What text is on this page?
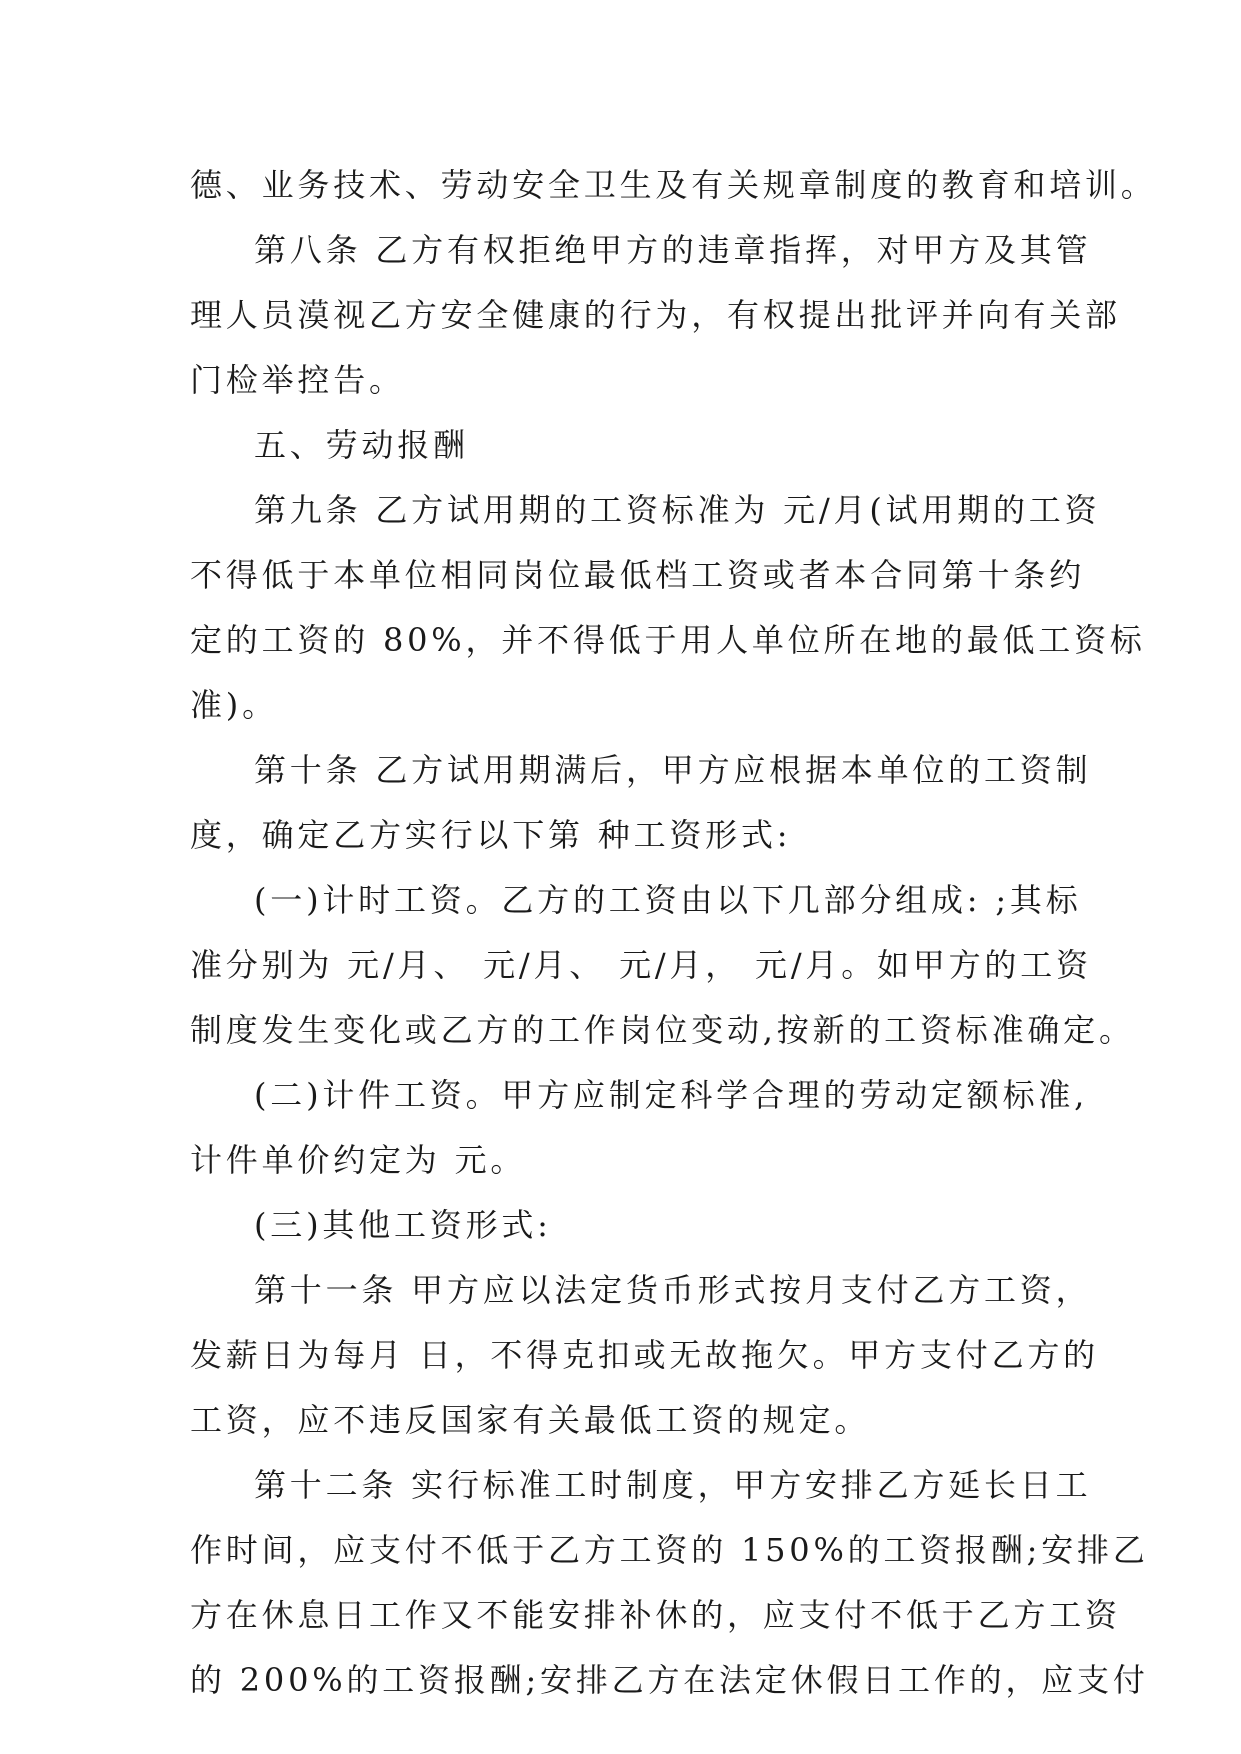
德、业务技术、劳动安全卫生及有关规章制度的教育和培训。
第八条 乙方有权拒绝甲方的违章指挥，对甲方及其管
理人员漠视乙方安全健康的行为，有权提出批评并向有关部
门检举控告。
五、劳动报酬
第九条 乙方试用期的工资标准为 元/月(试用期的工资
不得低于本单位相同岗位最低档工资或者本合同第十条约
定的工资的 80%，并不得低于用人单位所在地的最低工资标
准)。
第十条 乙方试用期满后，甲方应根据本单位的工资制
度，确定乙方实行以下第 种工资形式:
(一)计时工资。乙方的工资由以下几部分组成: ;其标
准分别为 元/月、 元/月、 元/月， 元/月。如甲方的工资
制度发生变化或乙方的工作岗位变动,按新的工资标准确定。
(二)计件工资。甲方应制定科学合理的劳动定额标准,
计件单价约定为 元。
(三)其他工资形式:
第十一条 甲方应以法定货币形式按月支付乙方工资，
发薪日为每月 日，不得克扣或无故拖欠。甲方支付乙方的
工资，应不违反国家有关最低工资的规定。
第十二条 实行标准工时制度，甲方安排乙方延长日工
作时间，应支付不低于乙方工资的 150%的工资报酬;安排乙
方在休息日工作又不能安排补休的，应支付不低于乙方工资
的 200%的工资报酬;安排乙方在法定休假日工作的，应支付
